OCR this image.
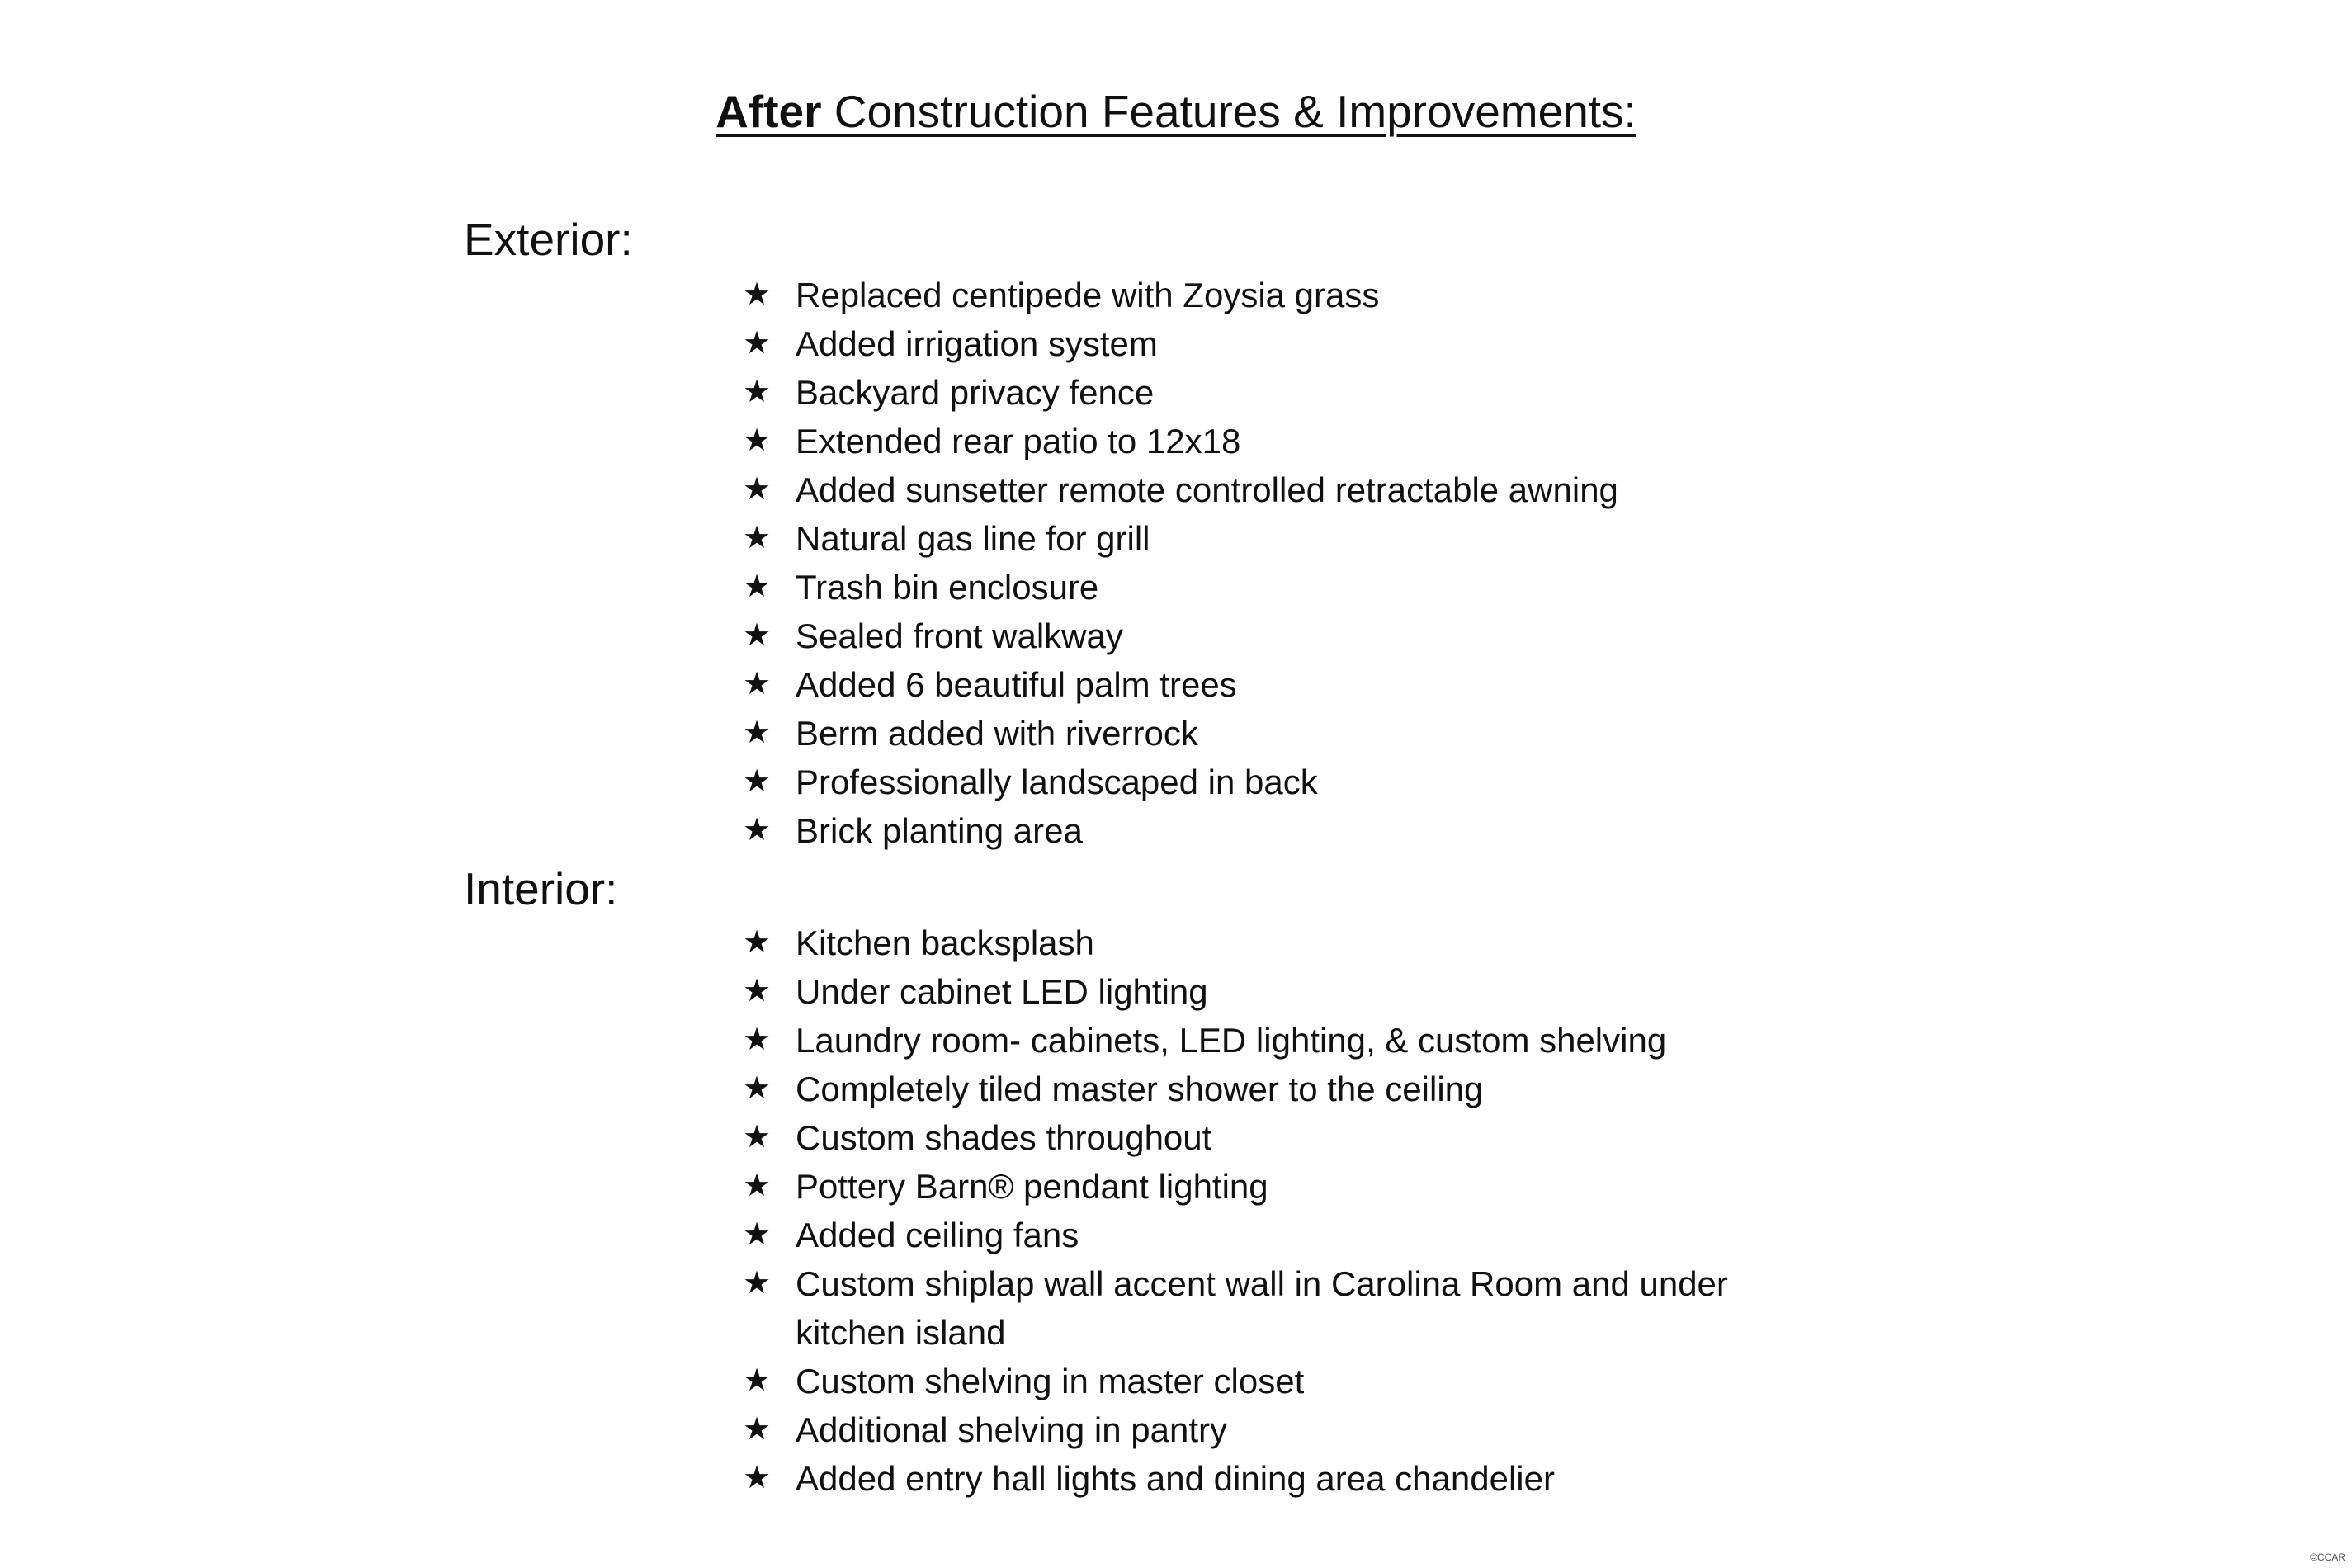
After Construction Features & Improvements:
Exterior:
★ Replaced centipede with Zoysia grass
★ Added irrigation system
★ Backyard privacy fence
★ Extended rear patio to 12x18
★ Added sunsetter remote controlled retractable awning
★ Natural gas line for grill
★ Trash bin enclosure
★ Sealed front walkway
★ Added 6 beautiful palm trees
★ Berm added with riverrock
★ Professionally landscaped in back
★ Brick planting area
Interior:
★ Kitchen backsplash
★ Under cabinet LED lighting
★ Laundry room- cabinets, LED lighting, & custom shelving
★ Completely tiled master shower to the ceiling
★ Custom shades throughout
★ Pottery Barn® pendant lighting
★ Added ceiling fans
★ Custom shiplap wall accent wall in Carolina Room and under kitchen island
★ Custom shelving in master closet
★ Additional shelving in pantry
★ Added entry hall lights and dining area chandelier
©CCAR
